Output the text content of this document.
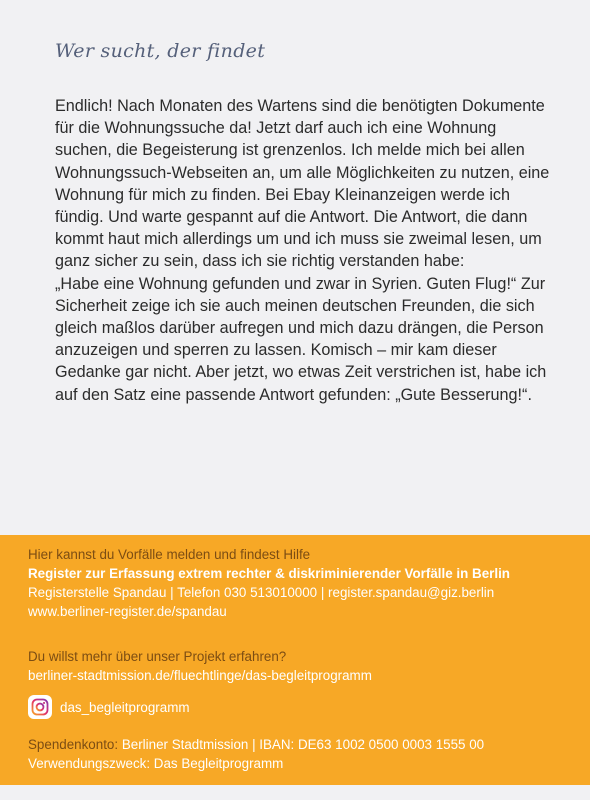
Wer sucht, der findet

Endlich! Nach Monaten des Wartens sind die benötigten Dokumente für die Wohnungssuche da! Jetzt darf auch ich eine Wohnung suchen, die Begeisterung ist grenzenlos. Ich melde mich bei allen Wohnungssuch-Webseiten an, um alle Möglichkeiten zu nutzen, eine Wohnung für mich zu finden. Bei Ebay Kleinanzeigen werde ich fündig. Und warte gespannt auf die Antwort. Die Antwort, die dann kommt haut mich allerdings um und ich muss sie zweimal lesen, um ganz sicher zu sein, dass ich sie richtig verstanden habe:

„Habe eine Wohnung gefunden und zwar in Syrien. Guten Flug!“ Zur Sicherheit zeige ich sie auch meinen deutschen Freunden, die sich gleich maßlos darüber aufregen und mich dazu drängen, die Person anzuzeigen und sperren zu lassen. Komisch – mir kam dieser Gedanke gar nicht. Aber jetzt, wo etwas Zeit verstrichen ist, habe ich auf den Satz eine passende Antwort gefunden: „Gute Besserung!“.

Hier kannst du Vorfälle melden und findest Hilfe
Register zur Erfassung extrem rechter & diskriminierender Vorfälle in Berlin
Registerstelle Spandau | Telefon 030 513010000 | register.spandau@giz.berlin
www.berliner-register.de/spandau
Du willst mehr über unser Projekt erfahren?
berliner-stadtmission.de/fluechtlinge/das-begleitprogramm
das_begleitprogramm
Spendenkonto: Berliner Stadtmission | IBAN: DE63 1002 0500 0003 1555 00
Verwendungszweck: Das Begleitprogramm
